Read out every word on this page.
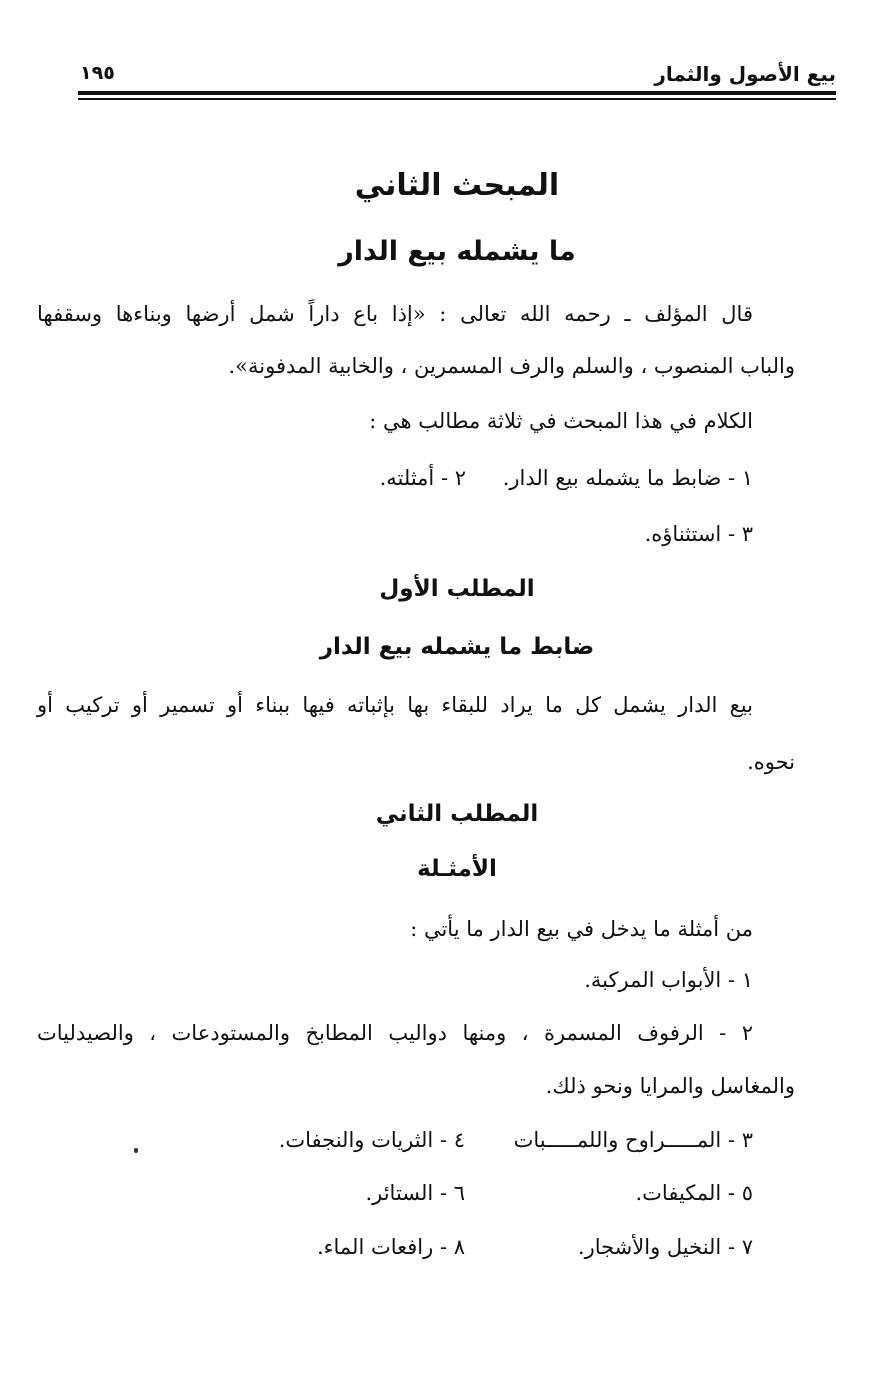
بيع الأصول والثمار
١٩٥
المبحث الثاني
ما يشمله بيع الدار
قال المؤلف ـ رحمه الله تعالى : «إذا باع داراً شمل أرضها وبناءها وسقفها
والباب المنصوب ، والسلم والرف المسمرين ، والخابية المدفونة».
الكلام في هذا المبحث في ثلاثة مطالب هي :
١ - ضابط ما يشمله بيع الدار.
٢ - أمثلته.
٣ - استثناؤه.
المطلب الأول
ضابط ما يشمله بيع الدار
بيع الدار يشمل كل ما يراد للبقاء بها بإثباته فيها ببناء أو تسمير أو تركيب أو
نحوه.
المطلب الثاني
الأمثـلة
من أمثلة ما يدخل في بيع الدار ما يأتي :
١ - الأبواب المركبة.
٢ - الرفوف المسمرة ، ومنها دواليب المطابخ والمستودعات ، والصيدليات
والمغاسل والمرايا ونحو ذلك.
٣ - المـــــراوح واللمـــــبات
٤ - الثريات والنجفات.
٥ - المكيفات.
٦ - الستائر.
٧ - النخيل والأشجار.
٨ - رافعات الماء.
